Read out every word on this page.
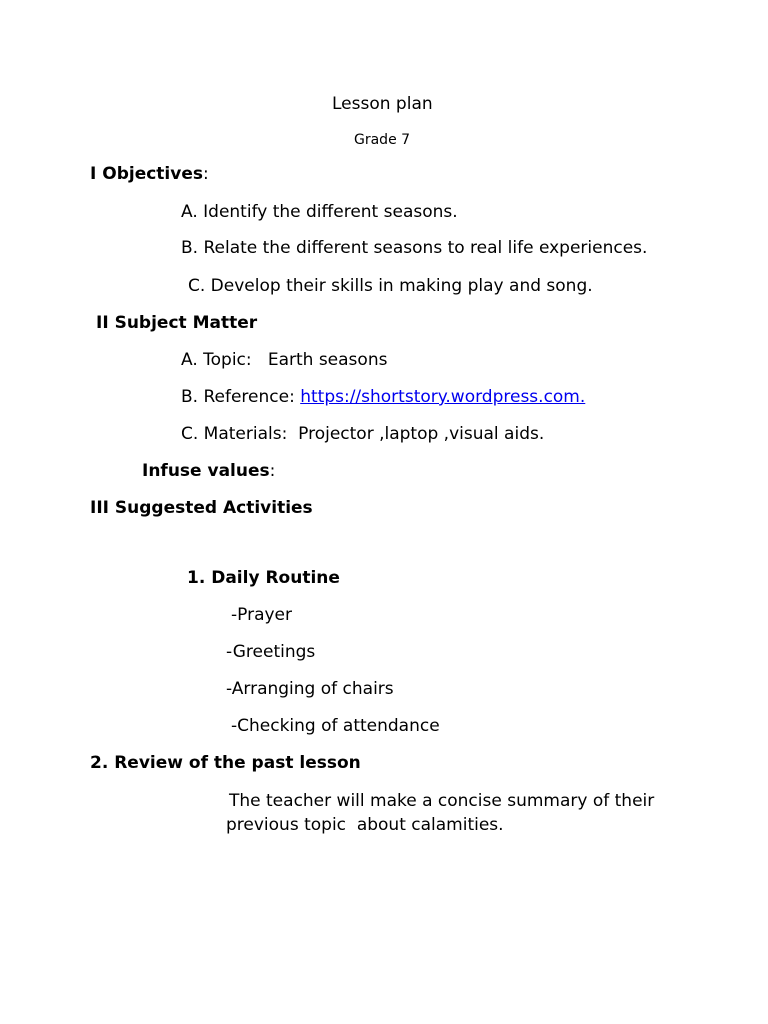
Lesson plan

Grade 7

I Objectives:

A. Identify the different seasons.

B. Relate the different seasons to real life experiences.

C. Develop their skills in making play and song.

II Subject Matter

A. Topic:   Earth seasons

B. Reference: https://shortstory.wordpress.com.

C. Materials:  Projector ,laptop ,visual aids.

Infuse values:

III Suggested Activities

1. Daily Routine

-Prayer

-Greetings

-Arranging of chairs

-Checking of attendance

2. Review of the past lesson

The teacher will make a concise summary of their

previous topic  about calamities.
